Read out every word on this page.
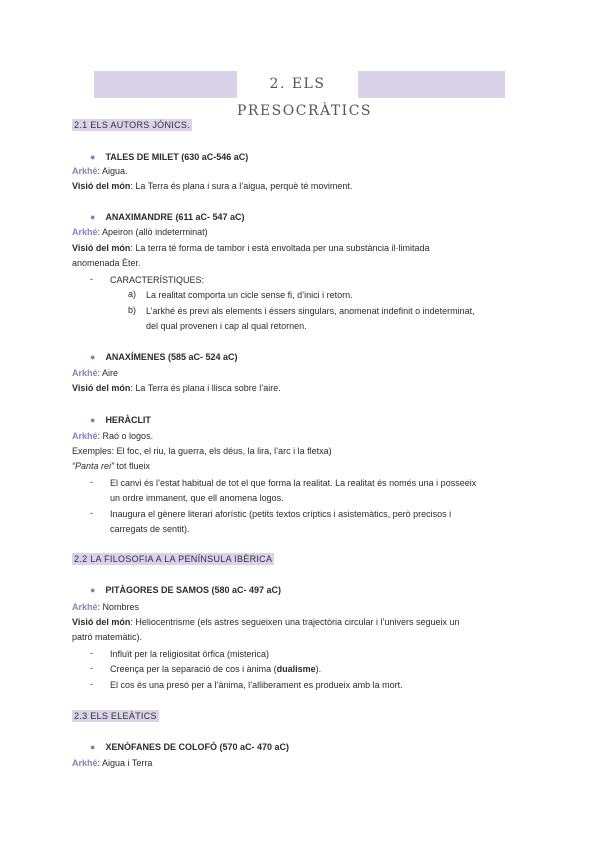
2. ELS PRESOCRÀTICS
2.1 ELS AUTORS JÒNICS.
● TALES DE MILET (630 aC-546 aC)
Arkhé: Aigua.
Visió del món: La Terra és plana i sura a l’aigua, perquè té moviment.
● ANAXIMANDRE (611 aC- 547 aC)
Arkhé: Apeiron (allò indeterminat)
Visió del món: La terra té forma de tambor i està envoltada per una substància il·limitada
anomenada Èter.
- CARACTERÍSTIQUES:
a) La realitat comporta un cicle sense fi, d’inici i retorn.
b) L’arkhé és previ als elements i éssers singulars, anomenat indefinit o indeterminat,
del qual provenen i cap al qual retornen.
● ANAXÍMENES (585 aC- 524 aC)
Arkhé: Aire
Visió del món: La Terra és plana i llisca sobre l’aire.
● HERÀCLIT
Arkhé: Raó o logos.
Exemples: El foc, el riu, la guerra, els déus, la lira, l’arc i la fletxa)
“Panta rei” tot flueix
- El canvi és l’estat habitual de tot el que forma la realitat. La realitat és només una i posseeix
un ordre immanent, que ell anomena logos.
- Inaugura el gènere literari aforístic (petits textos críptics i asistemàtics, però precisos i
carregats de sentit).
2.2 LA FILOSOFIA A LA PENÍNSULA IBÈRICA
● PITÀGORES DE SAMOS (580 aC- 497 aC)
Arkhé: Nombres
Visió del món: Heliocentrisme (els astres segueixen una trajectòria circular i l’univers segueix un
patró matemàtic).
- Influït per la religiositat òrfica (misterica)
- Creença per la separació de cos i ànima (dualisme).
- El cos és una presó per a l’ànima, l’alliberament es produeix amb la mort.
2.3 ELS ELEÀTICS
● XENÒFANES DE COLOFÓ (570 aC- 470 aC)
Arkhé: Aigua i Terra
